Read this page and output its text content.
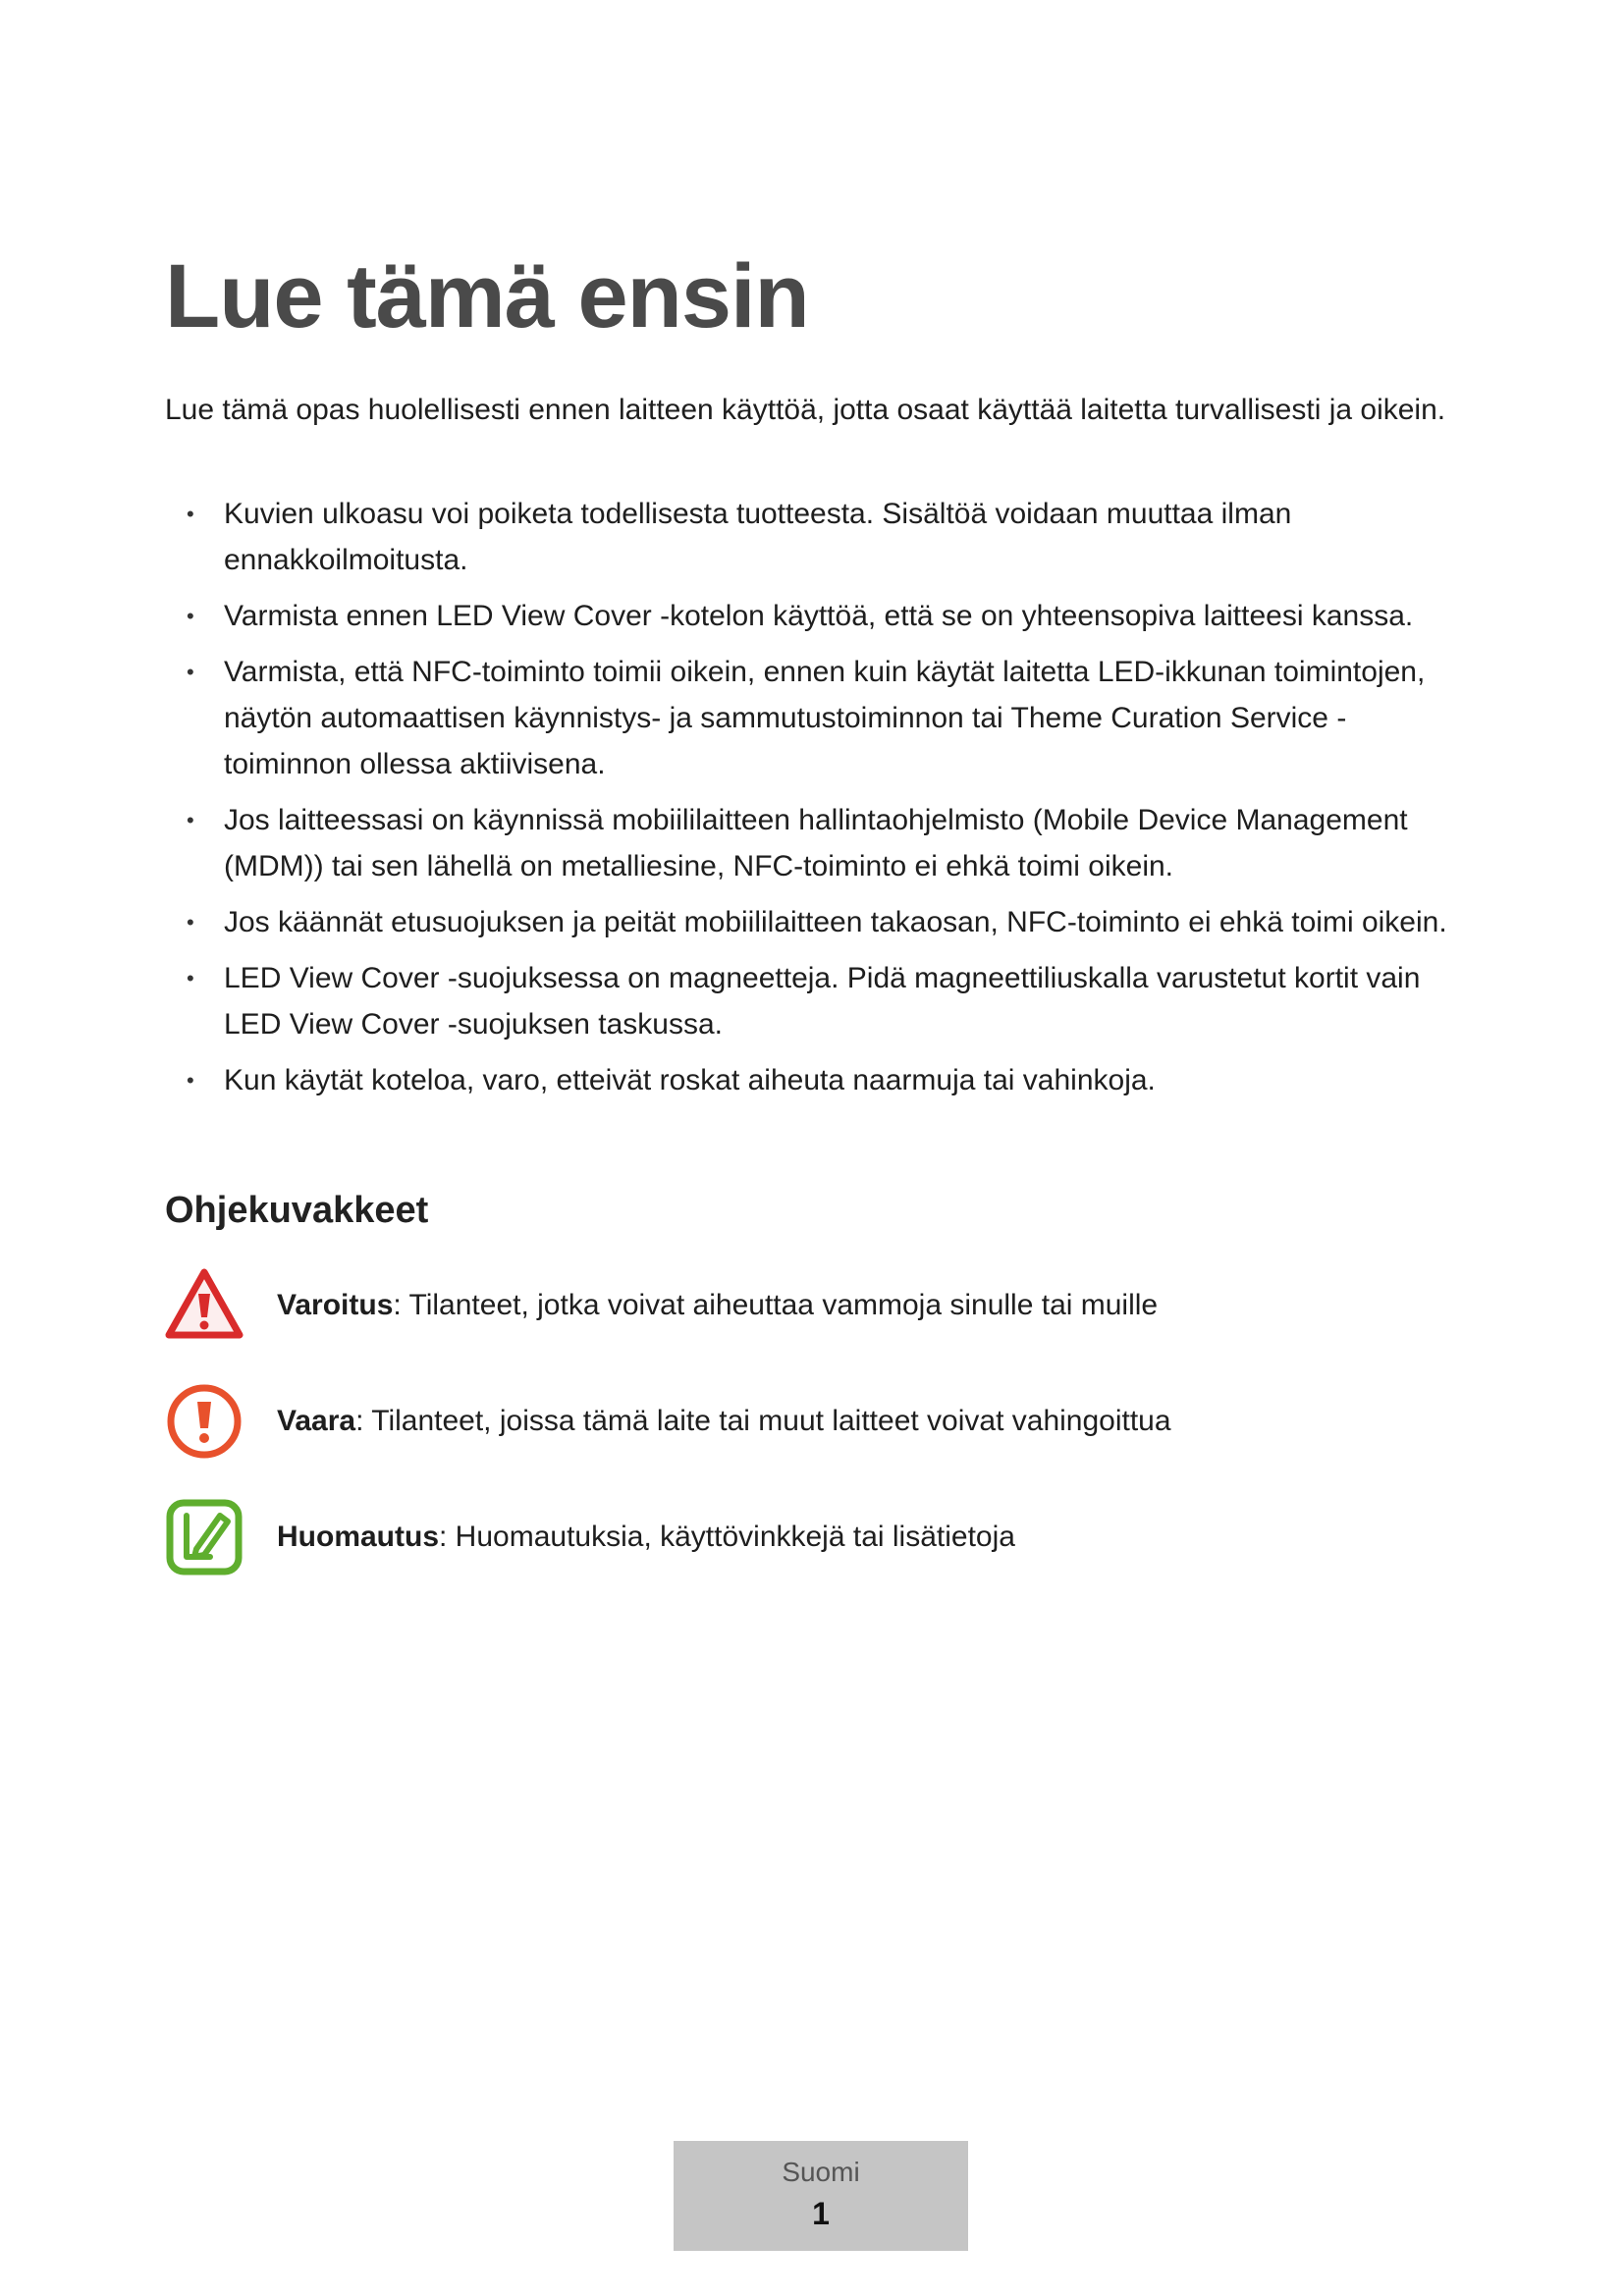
Lue tämä ensin

Lue tämä opas huolellisesti ennen laitteen käyttöä, jotta osaat käyttää laitetta turvallisesti ja oikein.

• Kuvien ulkoasu voi poiketa todellisesta tuotteesta. Sisältöä voidaan muuttaa ilman ennakkoilmoitusta.
• Varmista ennen LED View Cover -kotelon käyttöä, että se on yhteensopiva laitteesi kanssa.
• Varmista, että NFC-toiminto toimii oikein, ennen kuin käytät laitetta LED-ikkunan toimintojen, näytön automaattisen käynnistys- ja sammutustoiminnon tai Theme Curation Service -toiminnon ollessa aktiivisena.
• Jos laitteessasi on käynnissä mobiililaitteen hallintaohjelmisto (Mobile Device Management (MDM)) tai sen lähellä on metalliesine, NFC-toiminto ei ehkä toimi oikein.
• Jos käännät etusuojuksen ja peität mobiililaitteen takaosan, NFC-toiminto ei ehkä toimi oikein.
• LED View Cover -suojuksessa on magneetteja. Pidä magneettiliuskalla varustetut kortit vain LED View Cover -suojuksen taskussa.
• Kun käytät koteloa, varo, etteivät roskat aiheuta naarmuja tai vahinkoja.
Ohjekuvakkeet
Varoitus: Tilanteet, jotka voivat aiheuttaa vammoja sinulle tai muille
Vaara: Tilanteet, joissa tämä laite tai muut laitteet voivat vahingoittua
Huomautus: Huomautuksia, käyttövinkkejä tai lisätietoja
Suomi
1
